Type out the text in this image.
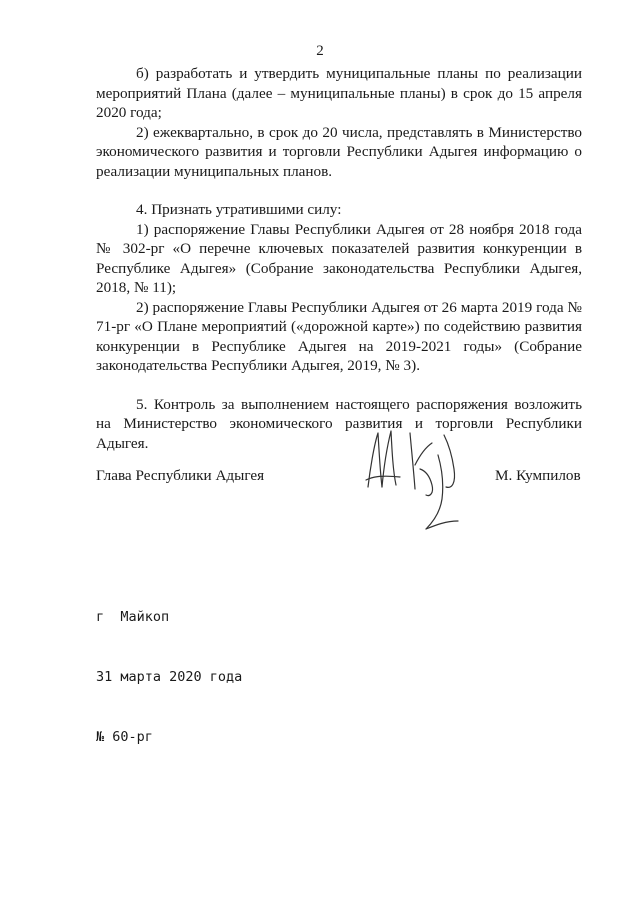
2

б) разработать и утвердить муниципальные планы по реализации мероприятий Плана (далее – муниципальные планы) в срок до 15 апреля 2020 года;

2) ежеквартально, в срок до 20 числа, представлять в Министерство экономического развития и торговли Республики Адыгея информацию о реализации муниципальных планов.

4. Признать утратившими силу:

1) распоряжение Главы Республики Адыгея от 28 ноября 2018 года № 302-рг «О перечне ключевых показателей развития конкуренции в Республике Адыгея» (Собрание законодательства Республики Адыгея, 2018, № 11);

2) распоряжение Главы Республики Адыгея от 26 марта 2019 года № 71-рг «О Плане мероприятий («дорожной карте») по содействию развития конкуренции в Республике Адыгея на 2019-2021 годы» (Собрание законодательства Республики Адыгея, 2019, № 3).

5. Контроль за выполнением настоящего распоряжения возложить на Министерство экономического развития и торговли Республики Адыгея.

Глава Республики Адыгея	М. Кумпилов

г  Майкоп

31 марта 2020 года

№ 60-рг
